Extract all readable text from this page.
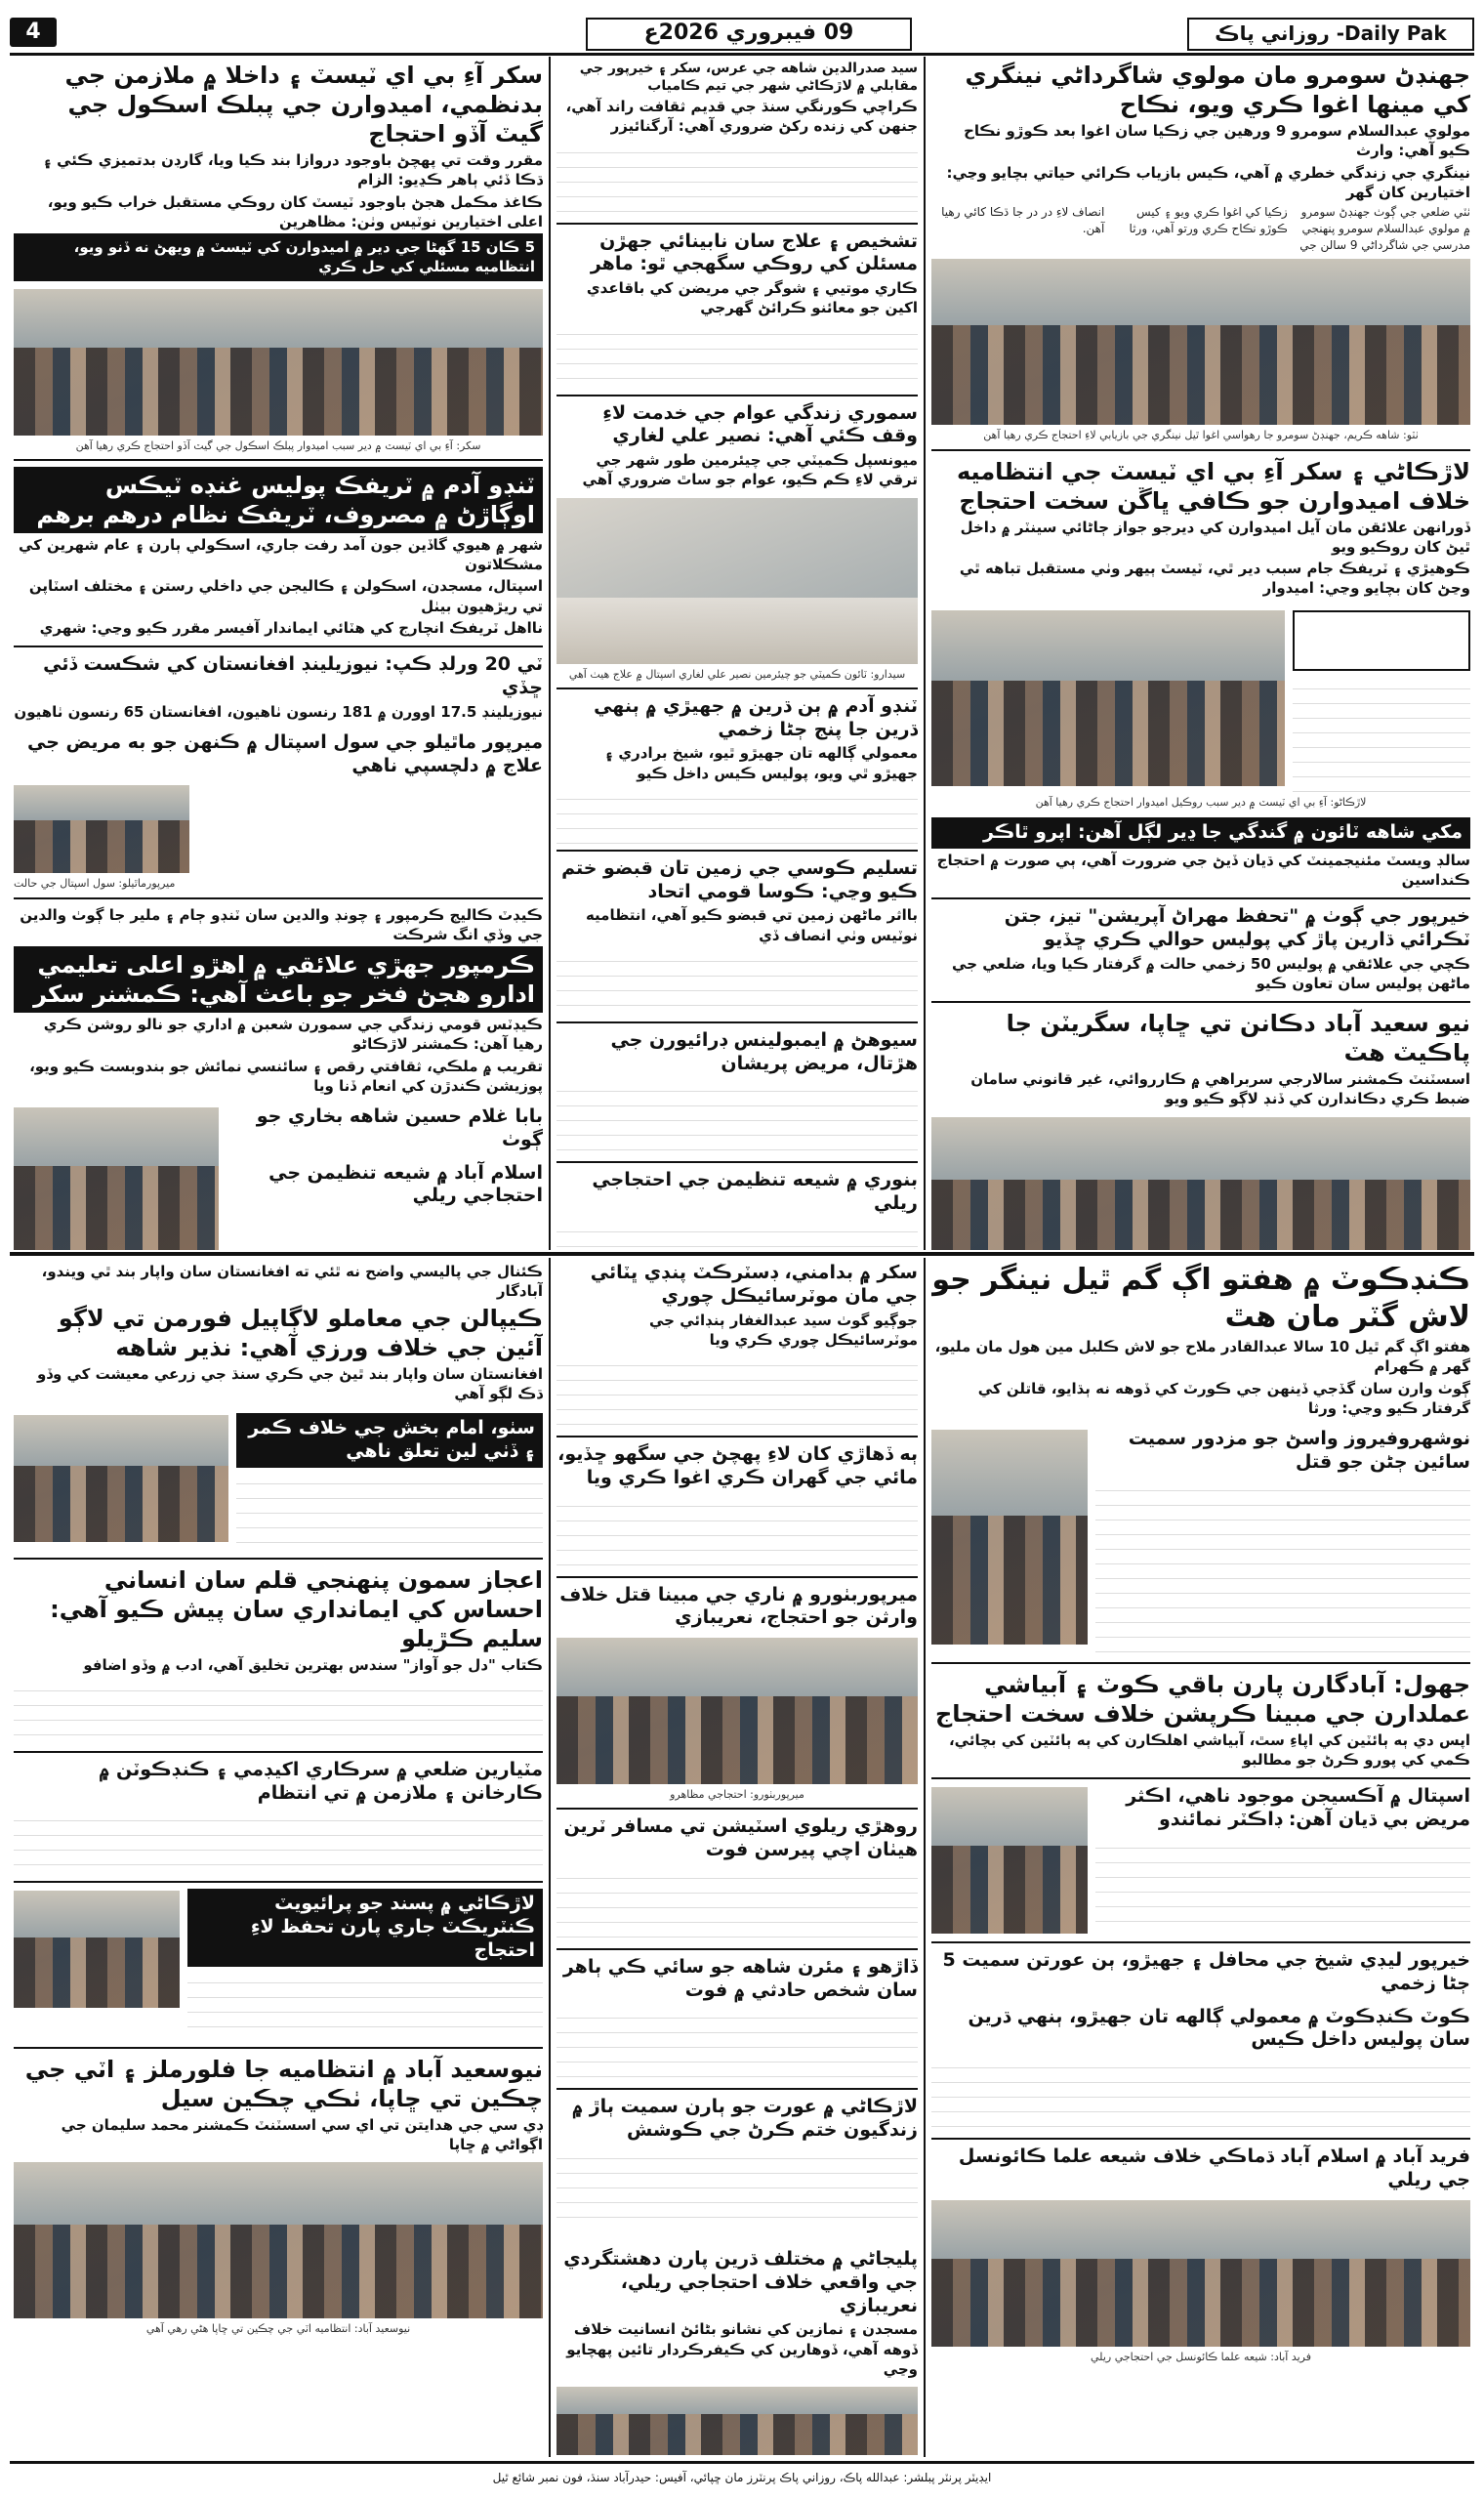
4	09 فيبروري 2026ع	روزاني پاڪ -Daily Pak
جهنڊڻ سومرو مان مولوي شاگرداڻي نينگري کي مينها اغوا ڪري ويو، نڪاح
مولوي عبدالسلام سومرو 9 ورهين جي زڪيا سان اغوا بعد ڪوڙو نڪاح ڪيو آهي: وارث
نينگري جي زندگي خطري ۾ آهي، ڪيس بازياب ڪرائي حياتي بچايو وڃي: اختيارين کان گهر
ٺٽي ضلعي جي ڳوٺ جهنڊڻ سومرو ۾ مولوي عبدالسلام سومرو پنهنجي مدرسي جي شاگرداڻي 9 سالن جي زڪيا کي اغوا ڪري ويو ۽ کيس ڪوڙو نڪاح ڪري ورتو آهي، ورثا انصاف لاءِ در در جا ڌڪا کائي رهيا آهن.
ٺٽو: شاهه ڪريم، جهنڊڻ سومرو جا رهواسي اغوا ٿيل نينگري جي بازيابي لاءِ احتجاج ڪري رهيا آهن
لاڙڪاڻي ۽ سکر آءِ بي اي ٽيسٽ جي انتظاميه خلاف اميدوارن جو ڪافي ڀاڱن سخت احتجاج
ڏورانهن علائقن مان آيل اميدوارن کي ديرجو جواز ڄاڻائي سينٽر ۾ داخل ٿيڻ کان روڪيو ويو
ڪوهيڙي ۽ ٽريفڪ جام سبب دير ٿي، ٽيسٽ ٻيهر وٺي مستقبل تباهه ٿي وڃڻ کان بچايو وڃي: اميدوار
لاڙڪاڻو: آءِ بي اي ٽيسٽ ۾ دير سبب روڪيل اميدوار احتجاج ڪري رهيا آهن
مکي شاهه ٽائون ۾ گندگي جا ڍير لڳل آهن: اپرو ٿاڪر
سالڊ ويسٽ مئنيجمينٽ کي ڌيان ڏيڻ جي ضرورت آهي، ٻي صورت ۾ احتجاج ڪنداسين
خيرپور جي ڳوٺ ۾ "تحفظ مهراڻ آپريشن" تيز، جتن ٽڪرائي ڌارين پاڙ کي پوليس حوالي ڪري ڇڏيو
ڪچي جي علائقي ۾ پوليس 50 زخمي حالت ۾ گرفتار ڪيا ويا، ضلعي جي ماڻهن پوليس سان تعاون ڪيو
نيو سعيد آباد دڪانن تي ڇاپا، سگريٽن جا پاڪيٽ هٽ
اسسٽنٽ ڪمشنر سالارجي سربراهي ۾ ڪارروائي، غير قانوني سامان ضبط ڪري دڪاندارن کي ڏنڊ لاڳو ڪيو ويو
سيد صدرالدين شاهه جي عرس، سکر ۽ خيرپور جي مقابلي ۾ لاڙڪاڻي شهر جي تيم ڪامياب
ڪراچي ڪورنگي سنڌ جي قديم ثقافت راند آهي، جنهن کي زنده رکڻ ضروري آهي: آرگنائيزر
تشخيص ۽ علاج سان نابينائي جهڙن مسئلن کي روڪي سگهجي ٿو: ماهر
ڪاري موتيي ۽ شوگر جي مريضن کي باقاعدي اکين جو معائنو ڪرائڻ گهرجي
سموري زندگي عوام جي خدمت لاءِ وقف ڪئي آهي: نصير علي لغاري
ميونسپل ڪميٽي جي چيئرمين طور شهر جي ترقي لاءِ ڪم ڪيو، عوام جو ساٿ ضروري آهي
سيدارو: ٽائون ڪميٽي جو چيئرمين نصير علي لغاري اسپتال ۾ علاج هيٺ آهي
ٽنڊو آدم ۾ ٻن ڌرين ۾ جهيڙي ۾ ٻنهي ڌرين جا پنج ڄڻا زخمي
معمولي ڳالهه تان جهيڙو ٿيو، شيخ برادري ۽ جهيڙو ٿي ويو، پوليس ڪيس داخل ڪيو
تسليم ڪوسي جي زمين تان قبضو ختم ڪيو وڃي: ڪوسا قومي اتحاد
بااثر ماڻهن زمين تي قبضو ڪيو آهي، انتظاميه نوٽيس وٺي انصاف ڏي
سيوهڻ ۾ ايمبولينس ڊرائيورن جي هڙتال، مريض پريشان
بنوري ۾ شيعه تنظيمن جي احتجاجي ريلي
سکر آءِ بي اي ٽيسٽ ۽ داخلا ۾ ملازمن جي بدنظمي، اميدوارن جي پبلڪ اسڪول جي گيٽ آڏو احتجاج
مقرر وقت تي پهچڻ باوجود دروازا بند ڪيا ويا، گارڊن بدتميزي ڪئي ۽ ڌڪا ڏئي ٻاهر ڪڍيو: الزام
ڪاغذ مڪمل هجڻ باوجود ٽيسٽ کان روڪي مستقبل خراب ڪيو ويو، اعلى اختيارين نوٽيس وٺن: مظاهرين
5 ڪان 15 گهڻا جي دير ۾ اميدوارن کي ٽيسٽ ۾ ويهڻ نه ڏنو ويو، انتظاميه مسئلي کي حل ڪري
سکر: آءِ بي اي ٽيسٽ ۾ دير سبب اميدوار پبلڪ اسڪول جي گيٽ آڏو احتجاج ڪري رهيا آهن
ٽنڊو آدم ۾ ٽريفڪ پوليس غنڊه ٽيڪس اوڳاڙڻ ۾ مصروف، ٽريفڪ نظام درهم برهم
شهر ۾ هيوي گاڏين جون آمد رفت جاري، اسڪولي ٻارن ۽ عام شهرين کي مشڪلاتون
اسپتال، مسجدن، اسڪولن ۽ ڪاليجن جي داخلي رستن ۽ مختلف اسٽاپن تي ريڙهيون بيٺل
نااهل ٽريفڪ انچارج کي هٽائي ايماندار آفيسر مقرر ڪيو وڃي: شهري
ٽي 20 ورلڊ ڪپ: نيوزيلينڊ افغانستان کي شڪست ڏئي ڇڏي
نيوزيلينڊ 17.5 اوورن ۾ 181 رنسون ٺاهيون، افغانستان 65 رنسون ٺاهيون
ميرپور ماٿيلو جي سول اسپتال ۾ ڪنهن جو به مريض جي علاج ۾ دلچسپي ناهي
ميرپورماٿيلو: سول اسپتال جي حالت
ڪيڊٽ ڪاليج ڪرمپور ۽ چونڊ والدين سان ٽنڊو ڄام ۽ ملير جا ڳوٺ والدين جي وڏي انگ شرڪت
ڪرمپور جهڙي علائقي ۾ اهڙو اعلى تعليمي ادارو هجڻ فخر جو باعث آهي: ڪمشنر سکر
ڪيڊٽس قومي زندگي جي سمورن شعبن ۾ اداري جو نالو روشن ڪري رهيا آهن: ڪمشنر لاڙڪاڻو
تقريب ۾ ملڪي، ثقافتي رقص ۽ سائنسي نمائش جو بندوبست ڪيو ويو، پوزيشن ڪندڙن کي انعام ڏنا ويا
بابا غلام حسين شاهه بخاري جو ڳوٺ
اسلام آباد ۾ شيعه تنظيمن جي احتجاجي ريلي
ڪنڊڪوٽ ۾ هفتو اڳ گم ٿيل نينگر جو لاش گٽر مان هٿ
هفتو اڳ گم ٿيل 10 سالا عبدالقادر ملاح جو لاش ڪلبل مين هول مان مليو، گهر ۾ ڪهرام
ڳوٺ وارن سان گڏجي ڏينهن جي ڪورٽ کي ڏوهه نه ٻڌايو، قاتلن کي گرفتار ڪيو وڃي: ورثا
نوشهروفيروز واسڻ جو مزدور سميت سائين ڄڻن جو قتل
جهول: آبادگارن پارن باقي ڪوٽ ۽ آبياشي عملدارن جي مبينا ڪرپشن خلاف سخت احتجاج
اپس دي ٻه ٻائٽين کي اپاءِ سٿ، آبياشي اهلڪارن کي ٻه ٻائٽين کي بچائي، ڪمي کي پورو ڪرڻ جو مطالبو
اسپتال ۾ آڪسيجن موجود ناهي، اڪثر مريض بي ڌيان آهن: ڊاڪٽر نمائندو
خيرپور ليڊي شيخ جي محافل ۽ جهيڙو، ٻن عورتن سميت 5 ڄڻا زخمي
ڪوٽ ڪنڊڪوٽ ۾ معمولي ڳالهه تان جهيڙو، ٻنهي ڌرين سان پوليس داخل ڪيس
فريد آباد ۾ اسلام آباد ڌماڪي خلاف شيعه علما ڪائونسل جي ريلي
فريد آباد: شيعه علما ڪائونسل جي احتجاجي ريلي
سکر ۾ بدامني، ڊسٽرڪٽ پنڊي ڀٽائي جي مان موٽرسائيڪل چوري
جوڳيو گوٺ سيد عبدالغفار ٻنڊائي جي موٽرسائيڪل چوري ڪري ويا
ٻه ڏهاڙي کان لاءِ پهچڻ جي سگهو ڇڏيو، مائي جي گهران ڪري اغوا ڪري ويا
ميرپوربٺورو ۾ ناري جي مبينا قتل خلاف وارثن جو احتجاج، نعريبازي
ميرپوربٺورو: احتجاجي مظاهرو
روهڙي ريلوي اسٽيشن تي مسافر ٽرين هيٺان اچي پيرسن فوت
ڏاڙهو ۽ مئرن شاهه جو سائي ڪي ٻاهر سان شخص حادثي ۾ فوت
لاڙڪاڻي ۾ عورت جو ٻارن سميت ٻاڙ ۾ زندگيون ختم ڪرڻ جي ڪوشش
پليجاڻي ۾ مختلف ڌرين پارن دهشتگردي جي واقعي خلاف احتجاجي ريلي، نعريبازي
مسجدن ۽ نمازين کي نشانو بڻائڻ انسانيت خلاف ڏوهه آهي، ڏوهارين کي ڪيفرڪردار تائين پهچايو وڃي
ڪئنال جي پاليسي واضح نه ٿئي ته افغانستان سان واپار بند ٿي ويندو، آبادگار
ڪيپالن جي معاملو لاڳاپيل فورمن تي لاڳو آئين جي خلاف ورزي آهي: نذير شاهه
افغانستان سان واپار بند ٿيڻ جي ڪري سنڌ جي زرعي معيشت کي وڏو ڌڪ لڳو آهي
سٺو، امام بخش جي خلاف ڪمر ۽ ڏٺي لين تعلق ناهي
اعجاز سمون پنهنجي قلم سان انساني احساس کي ايمانداري سان پيش ڪيو آهي: سليم ڪڙيلو
ڪتاب "دل جو آواز" سندس بهترين تخليق آهي، ادب ۾ وڏو اضافو
مٽيارين ضلعي ۾ سرڪاري اکيڊمي ۽ ڪنڊڪوٽن ۾ ڪارخانن ۽ ملازمن ۾ تي انتظام
لاڙڪاڻي ۾ پسند جو پرائيويٽ ڪنٽريڪٽ جاري پارن تحفظ لاءِ احتجاج
نيوسعيد آباد ۾ انتظاميه جا فلورملز ۽ اٽي جي چڪين تي ڇاپا، ٺڪي چڪين سيل
ڊي سي جي هدايتن تي اي سي اسسٽنٽ ڪمشنر محمد سليمان جي اڳواڻي ۾ ڇاپا
نيوسعيد آباد: انتظاميه اٽي جي چڪين تي ڇاپا هڻي رهي آهي
ايڊيٽر پرنٽر پبلشر: عبدالله پاڪ، روزاني پاڪ پرنٽرز مان ڇپائي، آفيس: حيدرآباد سنڌ، فون نمبر شائع ٿيل
